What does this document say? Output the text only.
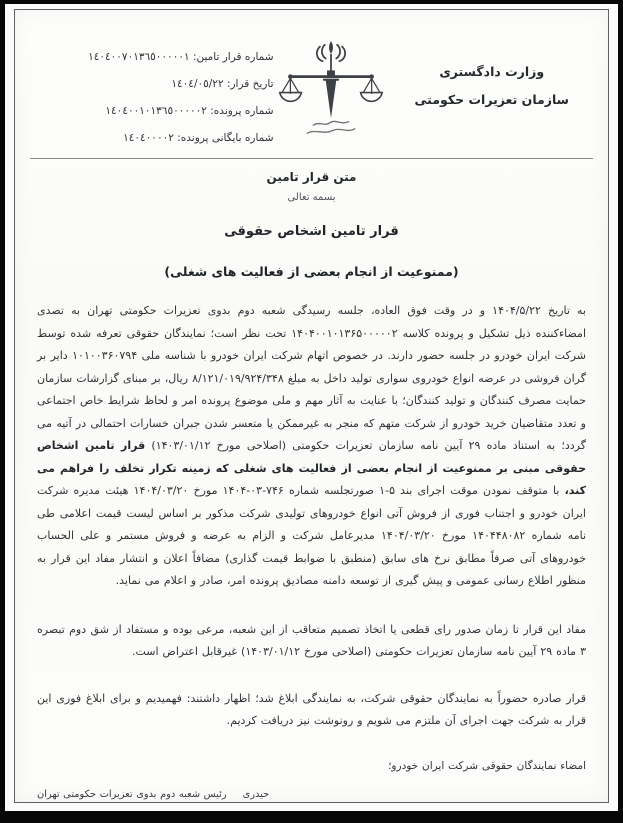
وزارت دادگستری
سازمان تعزیرات حکومتی
شماره قرار تامین: ١٤٠٤٠٠٧٠١٣٦٥٠٠٠٠٠١
تاریخ قرار: ١٤٠٤/٠٥/٢٢
شماره پرونده: ١٤٠٤٠٠١٠١٣٦٥٠٠٠٠٠٢
شماره بایگانی پرونده: ١٤٠٤٠٠٠٠٢
متن قرار تامین
بسمه تعالی
قرار تامین اشخاص حقوقی
(ممنوعیت از انجام بعضی از فعالیت های شغلی)

به تاریخ ۱۴۰۴/۵/۲۲ و در وقت فوق العاده، جلسه رسیدگی شعبه دوم بدوی تعزیرات حکومتی تهران به تصدی امضاءکننده ذیل تشکیل و پرونده کلاسه ۱۴۰۴۰۰۱۰۱۳۶۵۰۰۰۰۰۲ تحت نظر است؛ نمایندگان حقوقی تعرفه شده توسط شرکت ایران خودرو در جلسه حضور دارند. در خصوص اتهام شرکت ایران خودرو با شناسه ملی ۱۰۱۰۰۳۶۰۷۹۴ دایر بر گران فروشی در عرضه انواع خودروی سواری تولید داخل به مبلغ ۸/۱۲۱/۰۱۹/۹۲۴/۳۴۸ ریال، بر مبنای گزارشات سازمان حمایت مصرف کنندگان و تولید کنندگان؛ با عنایت به آثار مهم و ملی موضوع پرونده امر و لحاظ شرایط خاص اجتماعی و تعدد متقاضیان خرید خودرو از شرکت متهم که منجر به غیرممکن یا متعسر شدن جبران خسارات احتمالی در آتیه می گردد؛ به استناد ماده ۲۹ آیین نامه سازمان تعزیرات حکومتی (اصلاحی مورخ ۱۴۰۳/۰۱/۱۲) قرار تامین اشخاص حقوقی مبنی بر ممنوعیت از انجام بعضی از فعالیت های شغلی که زمینه تکرار تخلف را فراهم می کند، با متوقف نمودن موقت اجرای بند ۵-۱ صورتجلسه شماره ۷۴۶-۰۳-۱۴۰۴ مورخ ۱۴۰۴/۰۳/۲۰ هیئت مدیره شرکت ایران خودرو و اجتناب فوری از فروش آتی انواع خودروهای تولیدی شرکت مذکور بر اساس لیست قیمت اعلامی طی نامه شماره ۱۴۰۴۴۸۰۸۲ مورخ ۱۴۰۴/۰۳/۲۰ مدیرعامل شرکت و الزام به عرضه و فروش مستمر و علی الحساب خودروهای آتی صرفاً مطابق نرخ های سابق (منطبق با ضوابط قیمت گذاری) مضافاً اعلان و انتشار مفاد این قرار به منظور اطلاع رسانی عمومی و پیش گیری از توسعه دامنه مصادیق پرونده امر، صادر و اعلام می نماید.

مفاد این قرار تا زمان صدور رای قطعی یا اتخاذ تصمیم متعاقب از این شعبه، مرعی بوده و مستفاد از شق دوم تبصره ۳ ماده ۲۹ آیین نامه سازمان تعزیرات حکومتی (اصلاحی مورخ ۱۴۰۳/۰۱/۱۲) غیرقابل اعتراض است.

قرار صادره حضوراً به نمایندگان حقوقی شرکت، به نمایندگی ابلاغ شد؛ اظهار داشتند: فهمیدیم و برای ابلاغ فوری این قرار به شرکت جهت اجرای آن ملتزم می شویم و رونوشت نیز دریافت کردیم.

امضاء نمایندگان حقوقی شرکت ایران خودرو؛

حیدریرئیس شعبه دوم بدوی تعزیرات حکومتی تهران
